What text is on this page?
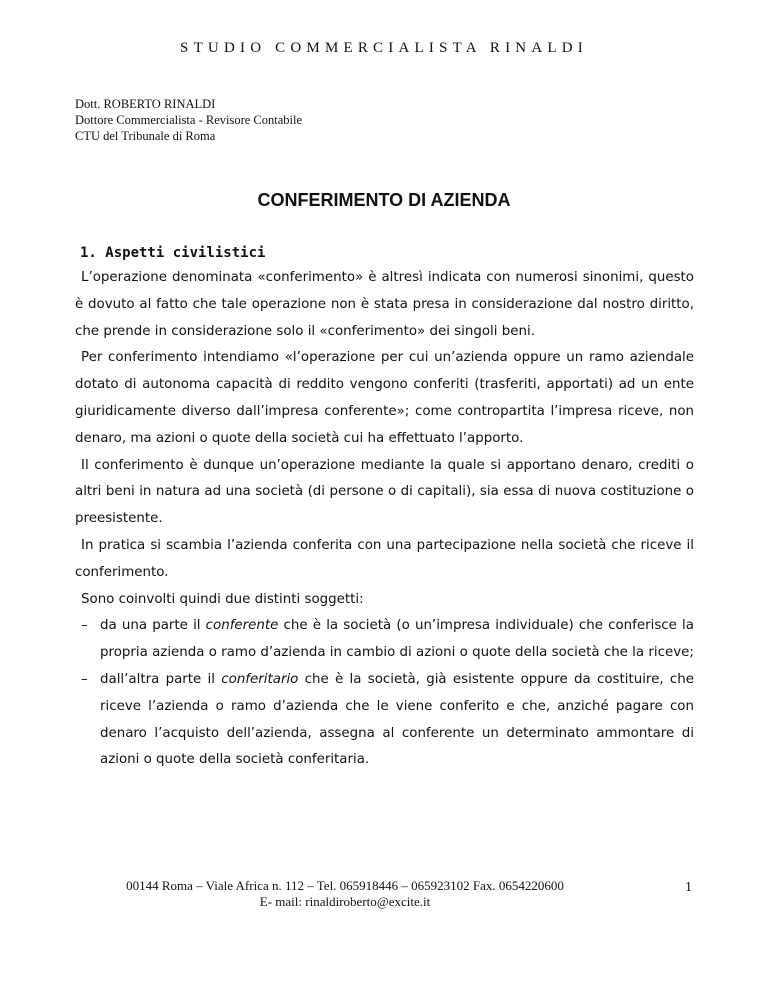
STUDIO COMMERCIALISTA RINALDI
Dott. ROBERTO RINALDI
Dottore Commercialista - Revisore Contabile
CTU del Tribunale di Roma
CONFERIMENTO DI AZIENDA
1. Aspetti civilistici

L’operazione denominata «conferimento» è altresì indicata con numerosi sinonimi, questo è dovuto al fatto che tale operazione non è stata presa in considerazione dal nostro diritto, che prende in considerazione solo il «conferimento» dei singoli beni.

Per conferimento intendiamo «l’operazione per cui un’azienda oppure un ramo aziendale dotato di autonoma capacità di reddito vengono conferiti (trasferiti, apportati) ad un ente giuridicamente diverso dall’impresa conferente»; come contropartita l’impresa riceve, non denaro, ma azioni o quote della società cui ha effettuato l’apporto.

Il conferimento è dunque un’operazione mediante la quale si apportano denaro, crediti o altri beni in natura ad una società (di persone o di capitali), sia essa di nuova costituzione o preesistente.

In pratica si scambia l’azienda conferita con una partecipazione nella società che riceve il conferimento.

Sono coinvolti quindi due distinti soggetti:

– da una parte il conferente che è la società (o un’impresa individuale) che conferisce la propria azienda o ramo d’azienda in cambio di azioni o quote della società che la riceve;
– dall’altra parte il conferitario che è la società, già esistente oppure da costituire, che riceve l’azienda o ramo d’azienda che le viene conferito e che, anziché pagare con denaro l’acquisto dell’azienda, assegna al conferente un determinato ammontare di azioni o quote della società conferitaria.
00144 Roma – Viale Africa n. 112 – Tel. 065918446 – 065923102 Fax. 0654220600
E- mail: rinaldiroberto@excite.it
1
